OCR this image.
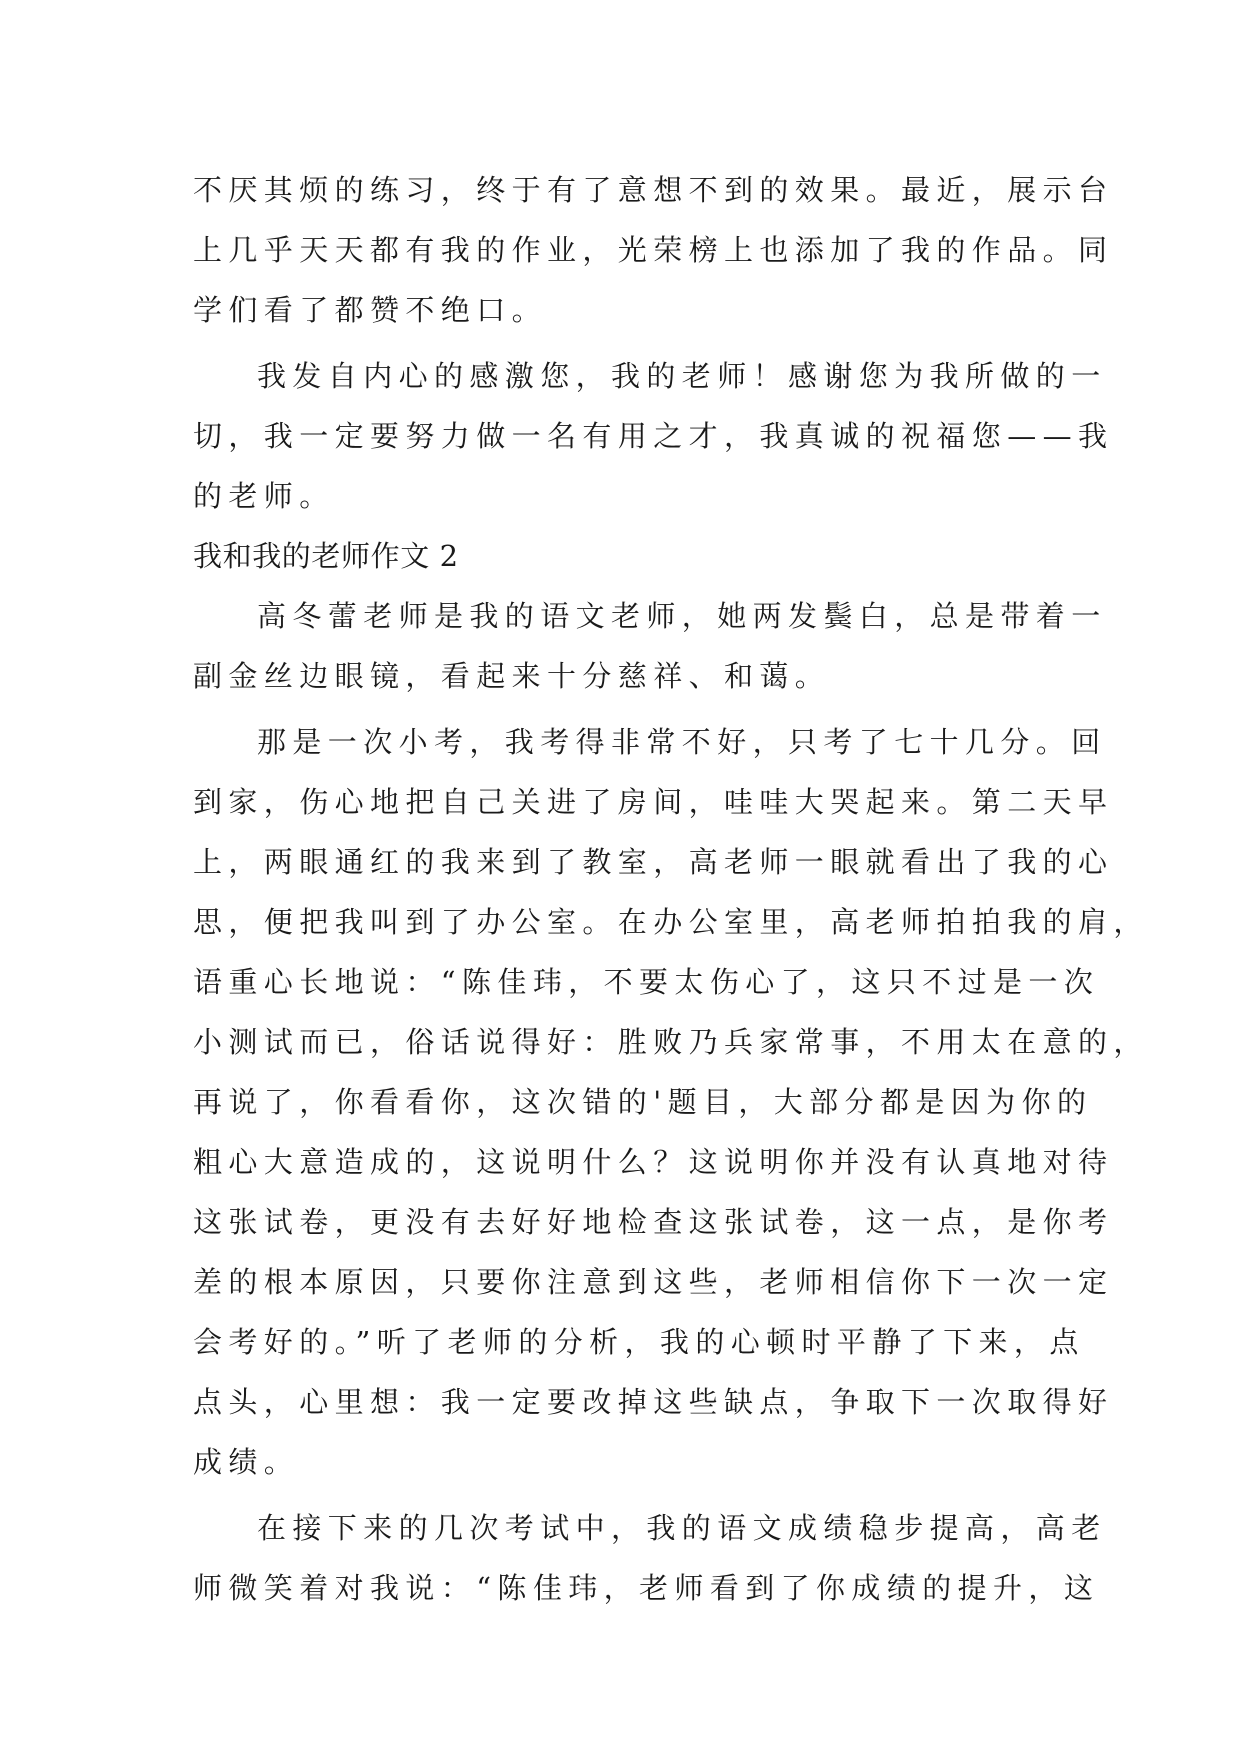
不厌其烦的练习，终于有了意想不到的效果。最近，展示台
上几乎天天都有我的作业，光荣榜上也添加了我的作品。同
学们看了都赞不绝口。
我发自内心的感激您，我的老师！感谢您为我所做的一
切，我一定要努力做一名有用之才，我真诚的祝福您——我
的老师。
我和我的老师作文 2
高冬蕾老师是我的语文老师，她两发鬓白，总是带着一
副金丝边眼镜，看起来十分慈祥、和蔼。
那是一次小考，我考得非常不好，只考了七十几分。回
到家，伤心地把自己关进了房间，哇哇大哭起来。第二天早
上，两眼通红的我来到了教室，高老师一眼就看出了我的心
思，便把我叫到了办公室。在办公室里，高老师拍拍我的肩，
语重心长地说：“陈佳玮，不要太伤心了，这只不过是一次
小测试而已，俗话说得好：胜败乃兵家常事，不用太在意的，
再说了，你看看你，这次错的'题目，大部分都是因为你的
粗心大意造成的，这说明什么？这说明你并没有认真地对待
这张试卷，更没有去好好地检查这张试卷，这一点，是你考
差的根本原因，只要你注意到这些，老师相信你下一次一定
会考好的。”听了老师的分析，我的心顿时平静了下来，点
点头，心里想：我一定要改掉这些缺点，争取下一次取得好
成绩。
在接下来的几次考试中，我的语文成绩稳步提高，高老
师微笑着对我说：“陈佳玮，老师看到了你成绩的提升，这
